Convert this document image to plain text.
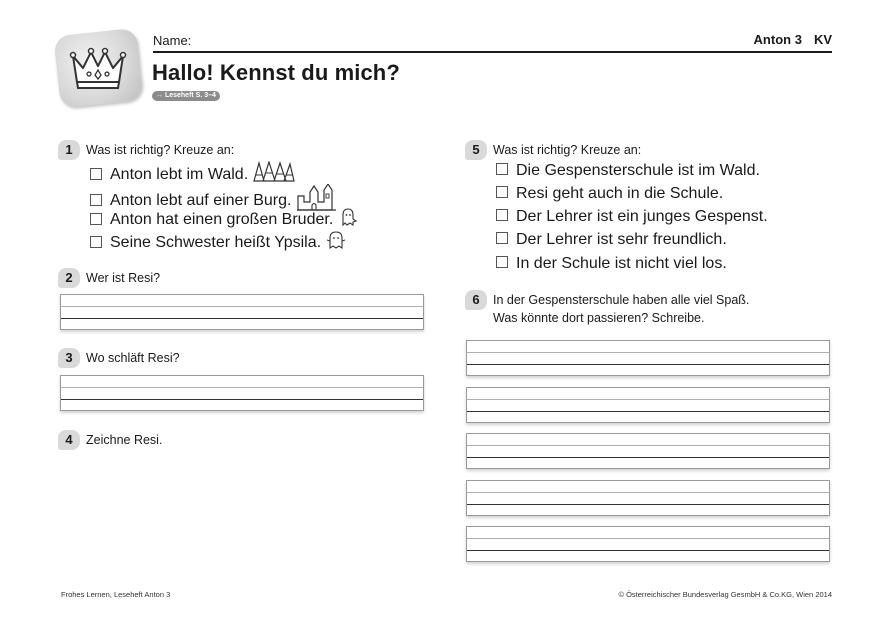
Name:	Anton 3 KV
Hallo! Kennst du mich?
→ Leseheft S. 3–4
1	Was ist richtig? Kreuze an:
Anton lebt im Wald.
Anton lebt auf einer Burg.
Anton hat einen großen Bruder.
Seine Schwester heißt Ypsila.
2	Wer ist Resi?
3	Wo schläft Resi?
4	Zeichne Resi.
5	Was ist richtig? Kreuze an:
Die Gespensterschule ist im Wald.
Resi geht auch in die Schule.
Der Lehrer ist ein junges Gespenst.
Der Lehrer ist sehr freundlich.
In der Schule ist nicht viel los.
6	In der Gespensterschule haben alle viel Spaß.
Was könnte dort passieren? Schreibe.
Frohes Lernen, Leseheft Anton 3	© Österreichischer Bundesverlag GesmbH & Co.KG, Wien 2014
